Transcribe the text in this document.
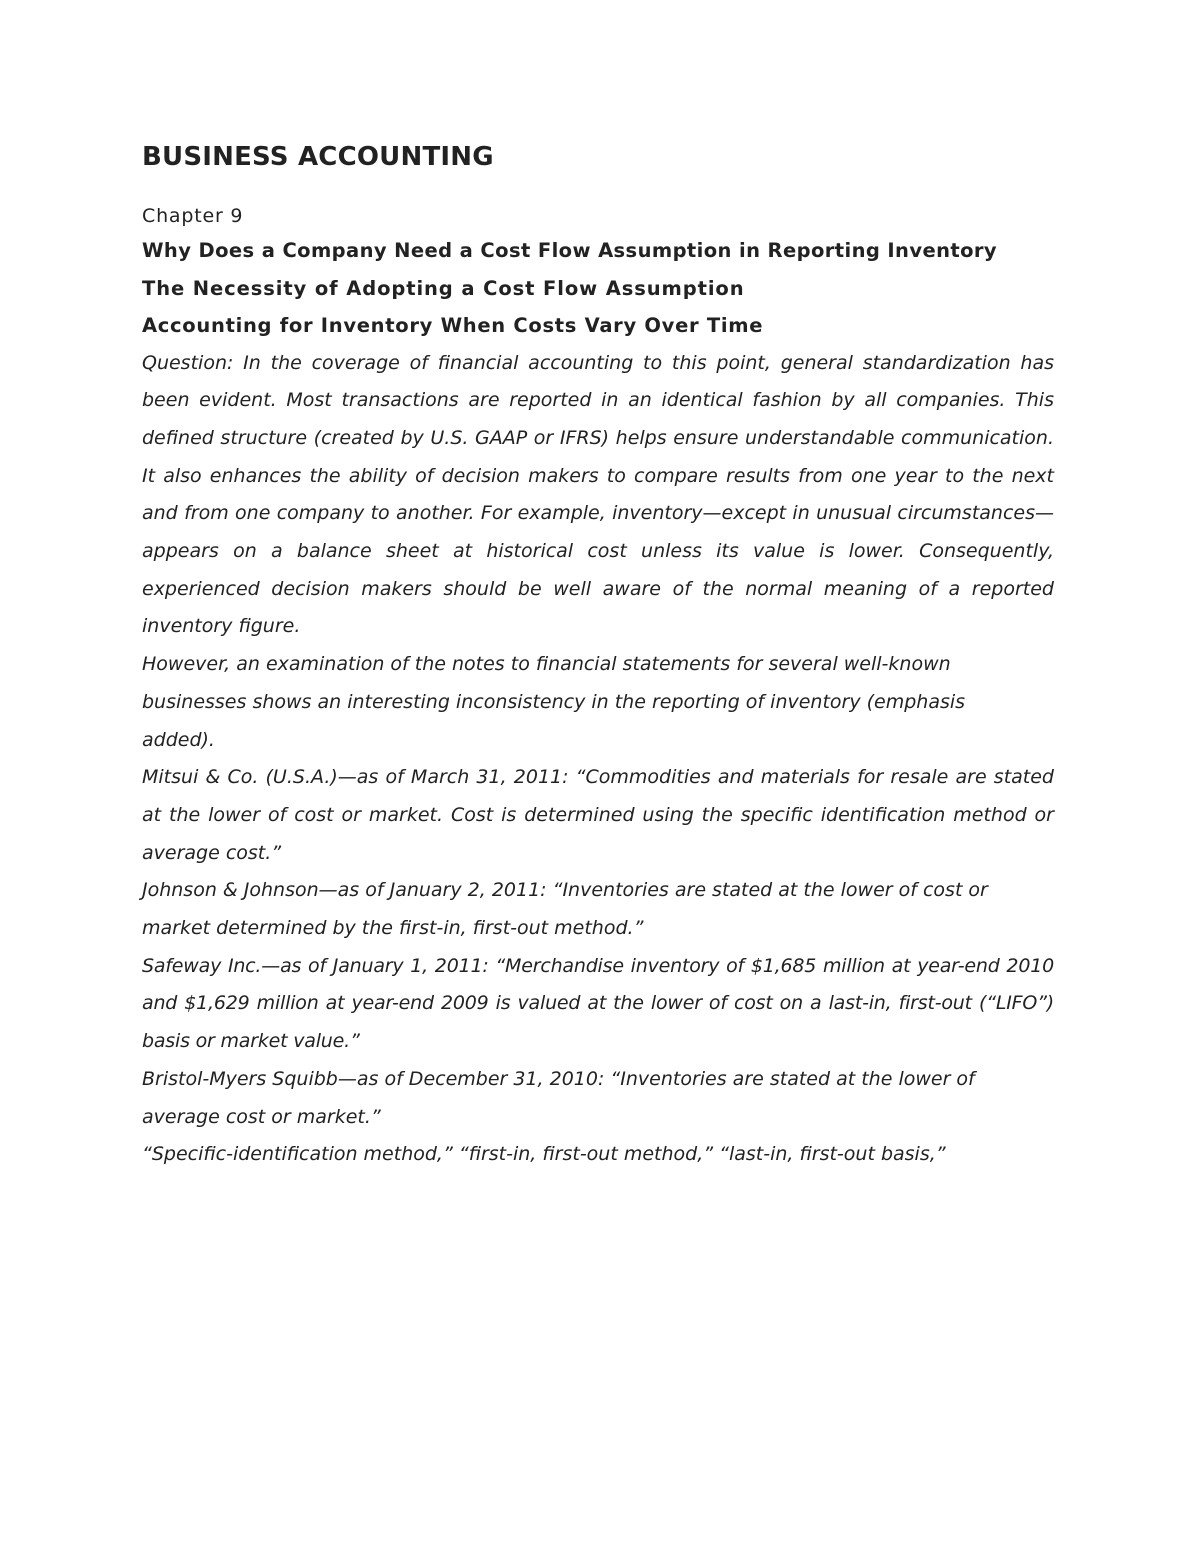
BUSINESS ACCOUNTING
Chapter 9
Why Does a Company Need a Cost Flow Assumption in Reporting Inventory
The Necessity of Adopting a Cost Flow Assumption
Accounting for Inventory When Costs Vary Over Time

Question: In the coverage of financial accounting to this point, general standardization has been evident. Most transactions are reported in an identical fashion by all companies. This defined structure (created by U.S. GAAP or IFRS) helps ensure understandable communication. It also enhances the ability of decision makers to compare results from one year to the next and from one company to another. For example, inventory—except in unusual circumstances—appears on a balance sheet at historical cost unless its value is lower. Consequently, experienced decision makers should be well aware of the normal meaning of a reported inventory figure.

However, an examination of the notes to financial statements for several well-known

businesses shows an interesting inconsistency in the reporting of inventory (emphasis

added).

Mitsui & Co. (U.S.A.)—as of March 31, 2011: “Commodities and materials for resale are stated at the lower of cost or market. Cost is determined using the specific identification method or average cost.”

Johnson & Johnson—as of January 2, 2011: “Inventories are stated at the lower of cost or

market determined by the first-in, first-out method.”

Safeway Inc.—as of January 1, 2011: “Merchandise inventory of $1,685 million at year-end 2010 and $1,629 million at year-end 2009 is valued at the lower of cost on a last-in, first-out (“LIFO”) basis or market value.”

Bristol-Myers Squibb—as of December 31, 2010: “Inventories are stated at the lower of

average cost or market.”

“Specific-identification method,” “first-in, first-out method,” “last-in, first-out basis,”
